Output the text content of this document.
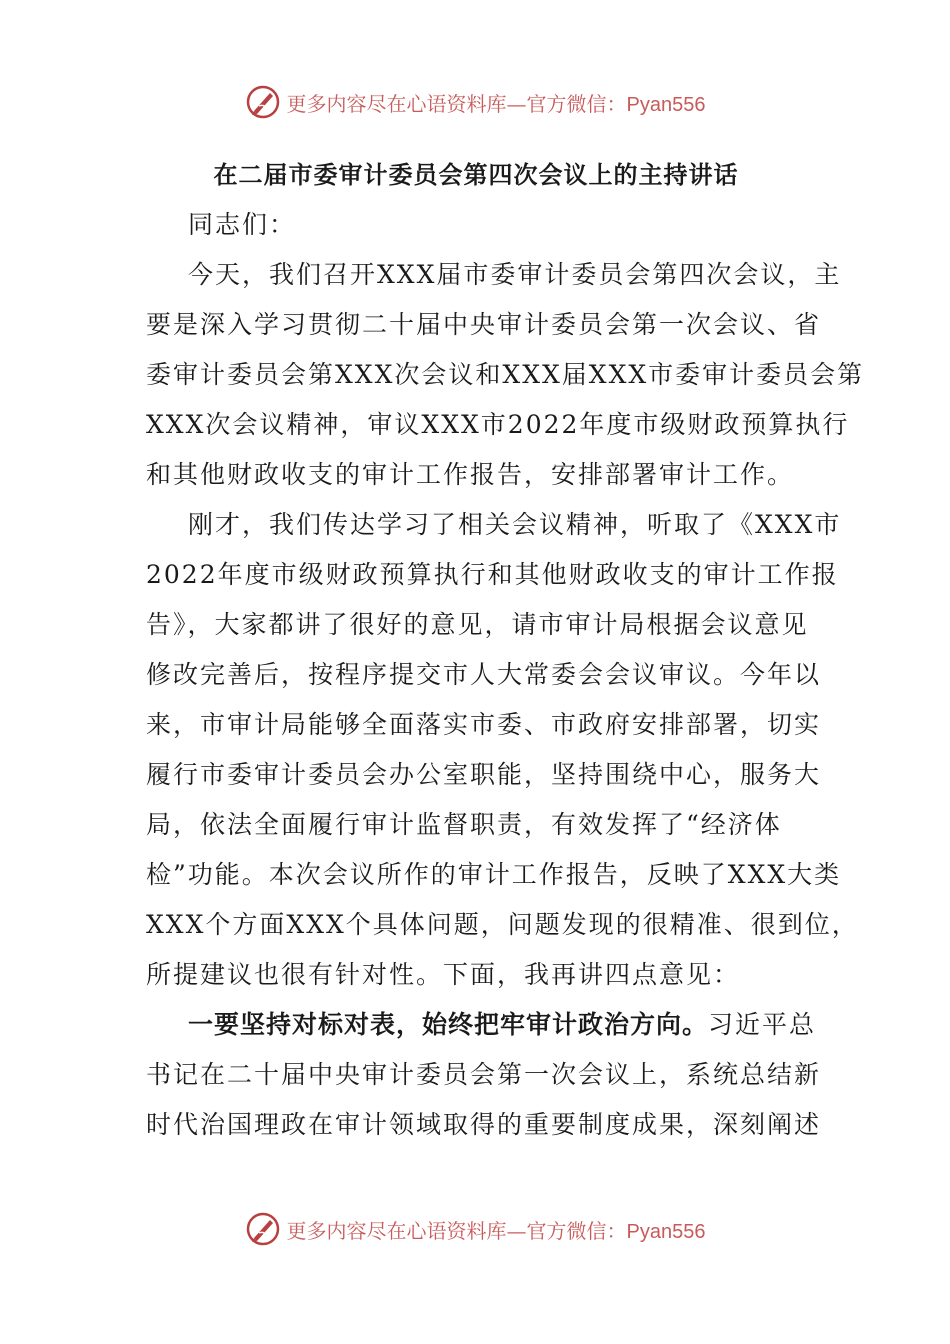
更多内容尽在心语资料库—官方微信：Pyan556
在二届市委审计委员会第四次会议上的主持讲话
同志们：
今天，我们召开XXX届市委审计委员会第四次会议，主
要是深入学习贯彻二十届中央审计委员会第一次会议、省
委审计委员会第XXX次会议和XXX届XXX市委审计委员会第
XXX次会议精神，审议XXX市2022年度市级财政预算执行
和其他财政收支的审计工作报告，安排部署审计工作。
刚才，我们传达学习了相关会议精神，听取了《XXX市
2022年度市级财政预算执行和其他财政收支的审计工作报
告》，大家都讲了很好的意见，请市审计局根据会议意见
修改完善后，按程序提交市人大常委会会议审议。今年以
来，市审计局能够全面落实市委、市政府安排部署，切实
履行市委审计委员会办公室职能，坚持围绕中心，服务大
局，依法全面履行审计监督职责，有效发挥了“经济体
检”功能。本次会议所作的审计工作报告，反映了XXX大类
XXX个方面XXX个具体问题，问题发现的很精准、很到位，
所提建议也很有针对性。下面，我再讲四点意见：
一要坚持对标对表，始终把牢审计政治方向。习近平总
书记在二十届中央审计委员会第一次会议上，系统总结新
时代治国理政在审计领域取得的重要制度成果，深刻阐述
更多内容尽在心语资料库—官方微信：Pyan556
